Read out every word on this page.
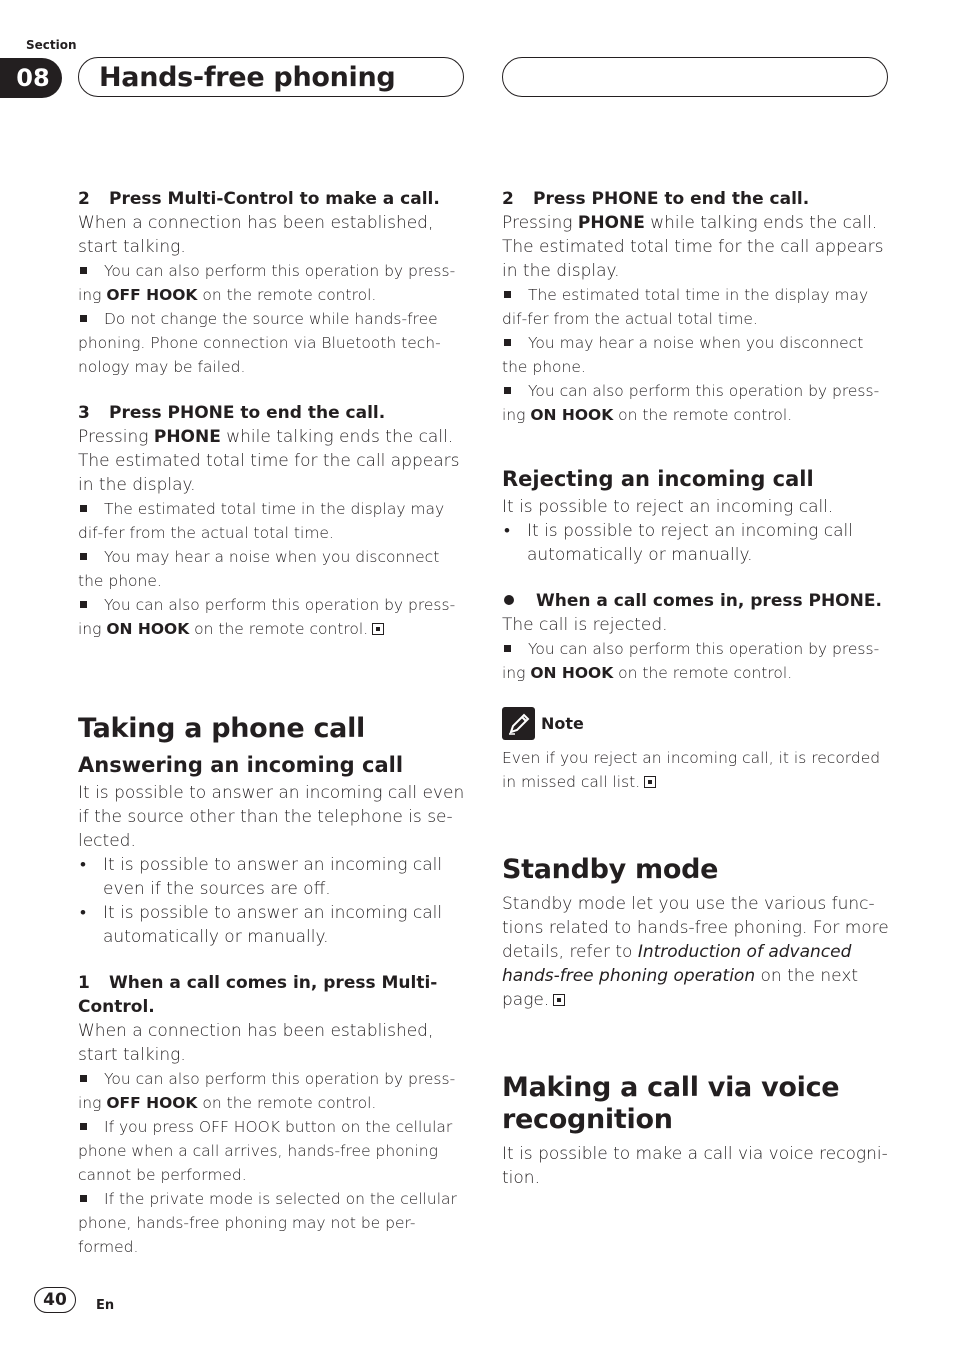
Section
08	Hands-free phoning

2 Press Multi-Control to make a call.

When a connection has been established, start talking.

You can also perform this operation by press-ing OFF HOOK on the remote control.

Do not change the source while hands-free phoning. Phone connection via Bluetooth tech-nology may be failed.

3 Press PHONE to end the call.

Pressing PHONE while talking ends the call. The estimated total time for the call appears in the display.

The estimated total time in the display may dif-fer from the actual total time.

You may hear a noise when you disconnect the phone.

You can also perform this operation by press-ing ON HOOK on the remote control.

Taking a phone call

Answering an incoming call

It is possible to answer an incoming call even if the source other than the telephone is se-lected.

• It is possible to answer an incoming call even if the sources are off.

• It is possible to answer an incoming call automatically or manually.

1 When a call comes in, press Multi-Control.

When a connection has been established, start talking.

You can also perform this operation by press-ing OFF HOOK on the remote control.

If you press OFF HOOK button on the cellular phone when a call arrives, hands-free phoning cannot be performed.

If the private mode is selected on the cellular phone, hands-free phoning may not be per-formed.

2 Press PHONE to end the call.

Pressing PHONE while talking ends the call. The estimated total time for the call appears in the display.

The estimated total time in the display may dif-fer from the actual total time.

You may hear a noise when you disconnect the phone.

You can also perform this operation by press-ing ON HOOK on the remote control.

Rejecting an incoming call

It is possible to reject an incoming call.

• It is possible to reject an incoming call automatically or manually.

When a call comes in, press PHONE.

The call is rejected.

You can also perform this operation by press-ing ON HOOK on the remote control.

Note

Even if you reject an incoming call, it is recorded in missed call list.

Standby mode

Standby mode let you use the various func-tions related to hands-free phoning. For more details, refer to Introduction of advanced hands-free phoning operation on the next page.

Making a call via voice recognition

It is possible to make a call via voice recogni-tion.

40	En
